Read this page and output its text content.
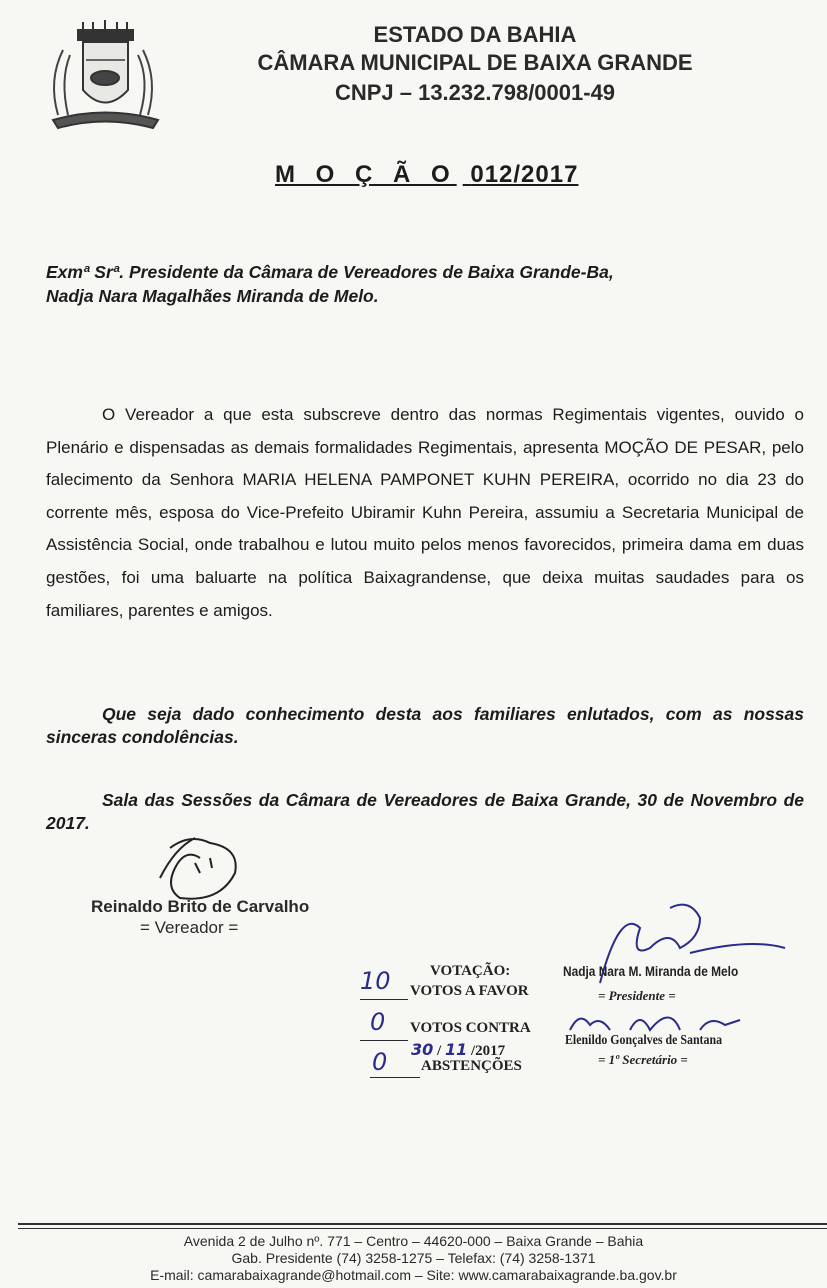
ESTADO DA BAHIA
CÂMARA MUNICIPAL DE BAIXA GRANDE
CNPJ – 13.232.798/0001-49
M O Ç Ã O 012/2017
Exmª Srª. Presidente da Câmara de Vereadores de Baixa Grande-Ba,
Nadja Nara Magalhães Miranda de Melo.
O Vereador a que esta subscreve dentro das normas Regimentais vigentes, ouvido o Plenário e dispensadas as demais formalidades Regimentais, apresenta MOÇÃO DE PESAR, pelo falecimento da Senhora MARIA HELENA PAMPONET KUHN PEREIRA, ocorrido no dia 23 do corrente mês, esposa do Vice-Prefeito Ubiramir Kuhn Pereira, assumiu a Secretaria Municipal de Assistência Social, onde trabalhou e lutou muito pelos menos favorecidos, primeira dama em duas gestões, foi uma baluarte na política Baixagrandense, que deixa muitas saudades para os familiares, parentes e amigos.
Que seja dado conhecimento desta aos familiares enlutados, com as nossas sinceras condolências.
Sala das Sessões da Câmara de Vereadores de Baixa Grande, 30 de Novembro de 2017.
Reinaldo Brito de Carvalho
= Vereador =
VOTAÇÃO:
10 VOTOS A FAVOR
0 VOTOS CONTRA
30 / 11 /2017
0 ABSTENÇÕES
Nadja Nara M. Miranda de Melo
= Presidente =
Elenildo Gonçalves de Santana
= 1º Secretário =
Avenida 2 de Julho nº. 771 – Centro – 44620-000 – Baixa Grande – Bahia
Gab. Presidente (74) 3258-1275 – Telefax: (74) 3258-1371
E-mail: camarabaixagrande@hotmail.com – Site: www.camarabaixagrande.ba.gov.br
